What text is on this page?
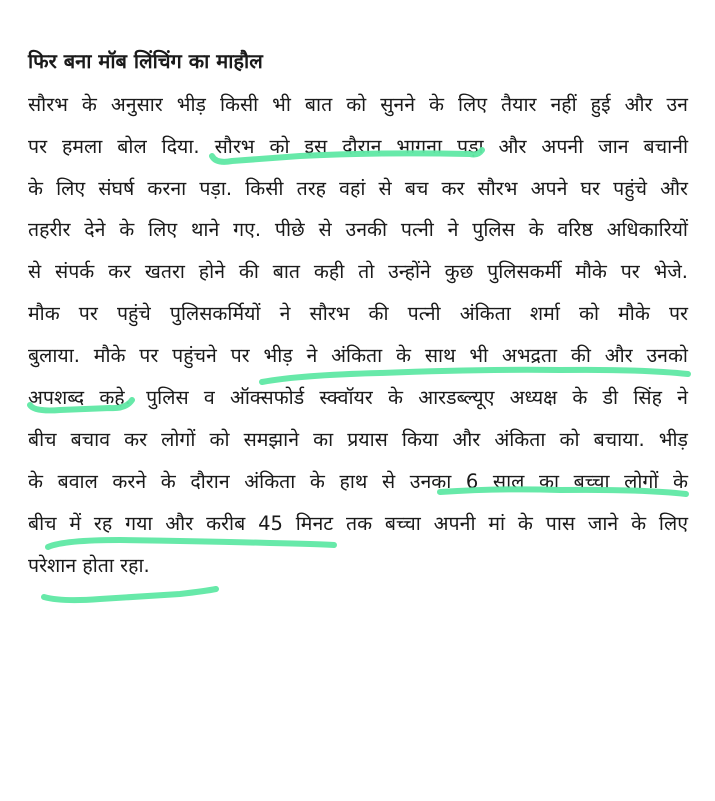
फिर बना मॉब लिंचिंग का माहौल
सौरभ के अनुसार भीड़ किसी भी बात को सुनने के लिए तैयार नहीं हुई और उन
पर हमला बोल दिया. सौरभ को इस दौरान भागना पड़ा और अपनी जान बचानी
के लिए संघर्ष करना पड़ा. किसी तरह वहां से बच कर सौरभ अपने घर पहुंचे और
तहरीर देने के लिए थाने गए. पीछे से उनकी पत्नी ने पुलिस के वरिष्ठ अधिकारियों
से संपर्क कर खतरा होने की बात कही तो उन्होंने कुछ पुलिसकर्मी मौके पर भेजे.
मौक पर पहुंचे पुलिसकर्मियों ने सौरभ की पत्नी अंकिता शर्मा को मौके पर
बुलाया. मौके पर पहुंचने पर भीड़ ने अंकिता के साथ भी अभद्रता की और उनको
अपशब्द कहे. पुलिस व ऑक्सफोर्ड स्क्वॉयर के आरडब्ल्यूए अध्यक्ष के डी सिंह ने
बीच बचाव कर लोगों को समझाने का प्रयास किया और अंकिता को बचाया. भीड़
के बवाल करने के दौरान अंकिता के हाथ से उनका 6 साल का बच्चा लोगों के
बीच में रह गया और करीब 45 मिनट तक बच्चा अपनी मां के पास जाने के लिए
परेशान होता रहा.
